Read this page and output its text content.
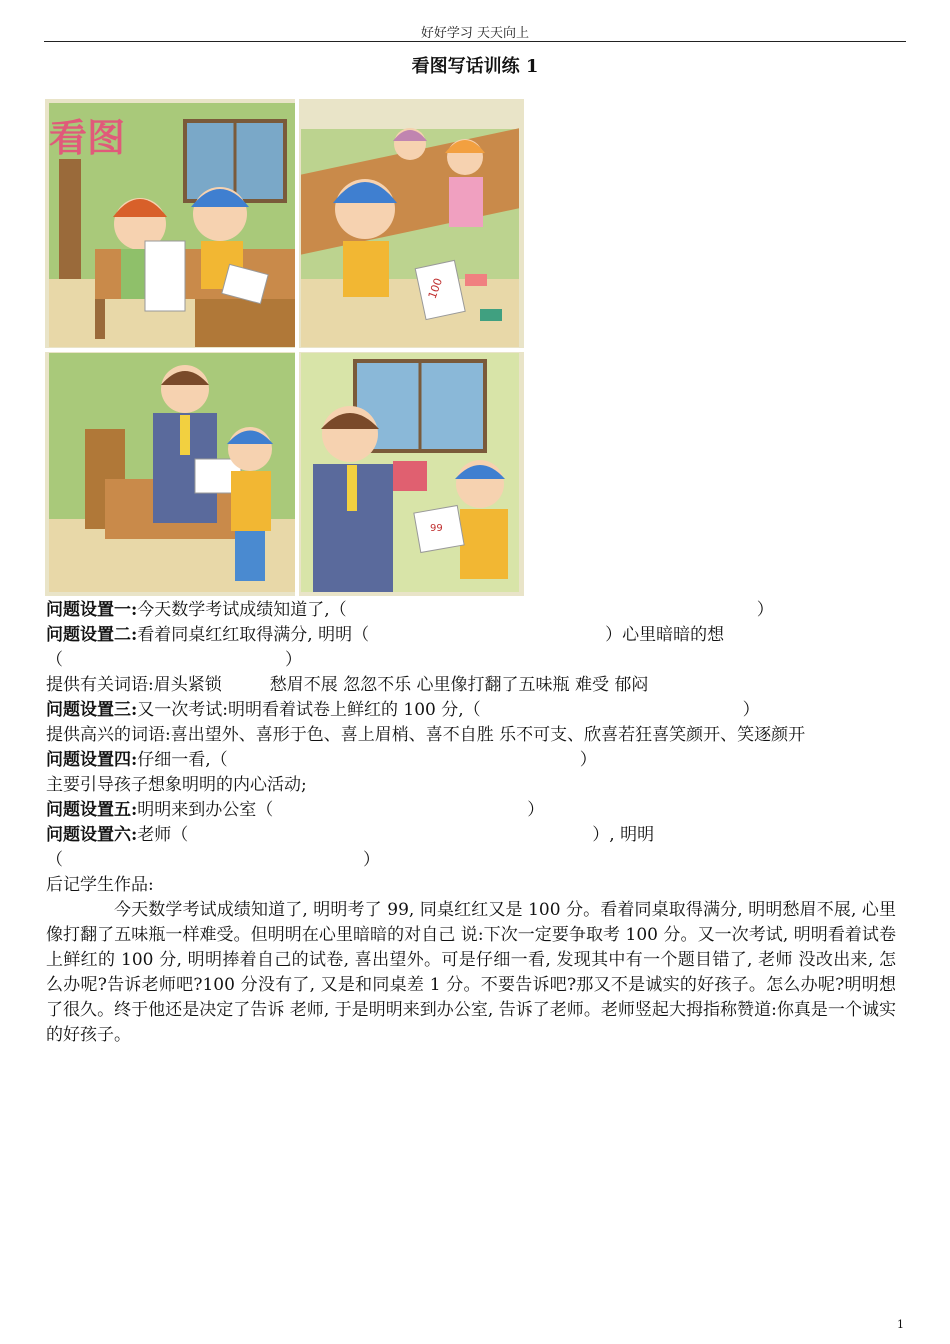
好好学习 天天向上
看图写话训练 1
看图
100
99
问题设置一:今天数学考试成绩知道了,（	）
问题设置二:看着同桌红红取得满分, 明明（	）心里暗暗的想
（	）
提供有关词语:眉头紧锁	愁眉不展 忽忽不乐 心里像打翻了五味瓶 难受 郁闷
问题设置三:又一次考试:明明看着试卷上鲜红的 100 分,（	）
提供高兴的词语:喜出望外、喜形于色、喜上眉梢、喜不自胜 乐不可支、欣喜若狂喜笑颜开、笑逐颜开
问题设置四:仔细一看,（	）
主要引导孩子想象明明的内心活动;
问题设置五:明明来到办公室（	）
问题设置六:老师（	）, 明明
（	）
后记学生作品:
今天数学考试成绩知道了, 明明考了 99, 同桌红红又是 100 分。看着同桌取得满分, 明明愁眉不展, 心里像打翻了五味瓶一样难受。但明明在心里暗暗的对自己 说:下次一定要争取考 100 分。又一次考试, 明明看着试卷上鲜红的 100 分, 明明捧着自己的试卷, 喜出望外。可是仔细一看, 发现其中有一个题目错了, 老师 没改出来, 怎么办呢?告诉老师吧?100 分没有了, 又是和同桌差 1 分。不要告诉吧?那又不是诚实的好孩子。怎么办呢?明明想了很久。终于他还是决定了告诉 老师, 于是明明来到办公室, 告诉了老师。老师竖起大拇指称赞道:你真是一个诚实的好孩子。
1
